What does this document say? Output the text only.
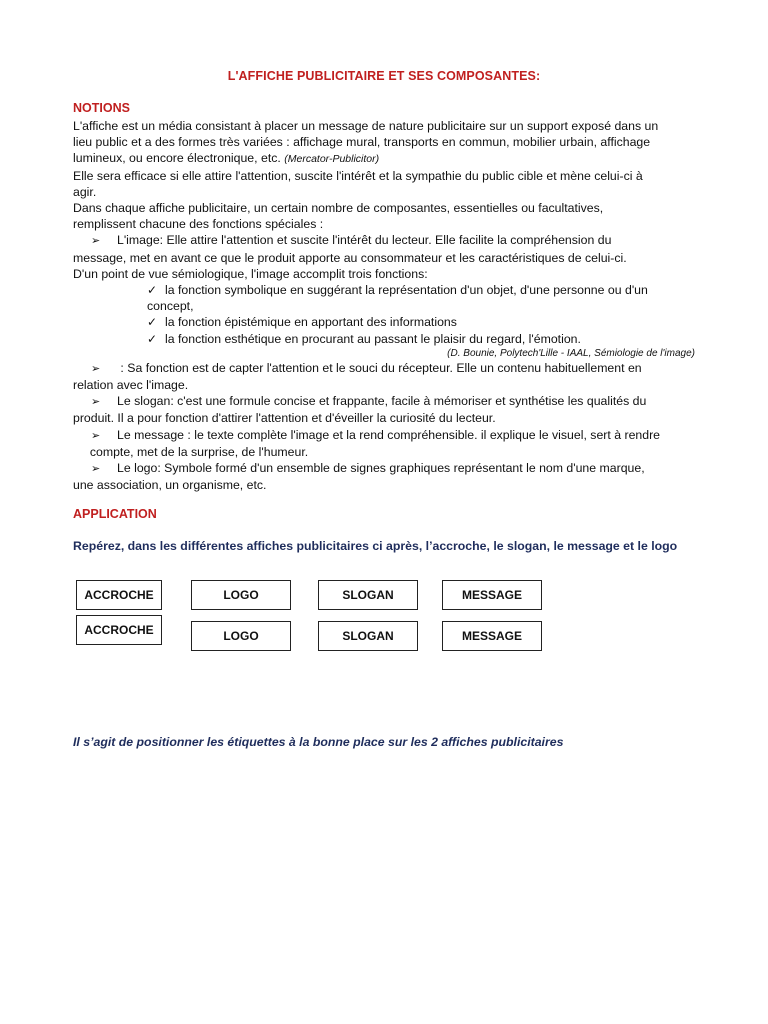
L'AFFICHE PUBLICITAIRE ET SES COMPOSANTES:
NOTIONS

L'affiche est un média consistant à placer un message de nature publicitaire sur un support exposé dans un

lieu public et a des formes très variées : affichage mural, transports en commun, mobilier urbain, affichage

lumineux, ou encore électronique, etc. (Mercator-Publicitor)

Elle sera efficace si elle attire l'attention, suscite l'intérêt et la sympathie du public cible et mène celui-ci à

agir.

Dans chaque affiche publicitaire, un certain nombre de composantes, essentielles ou facultatives,

remplissent chacune des fonctions spéciales :

➢ L'image: Elle attire l'attention et suscite l'intérêt du lecteur. Elle facilite la compréhension du

message, met en avant ce que le produit apporte au consommateur et les caractéristiques de celui-ci.

D'un point de vue sémiologique, l'image accomplit trois fonctions:

✓ la fonction symbolique en suggérant la représentation d'un objet, d'une personne ou d'un
concept,
✓ la fonction épistémique en apportant des informations
✓ la fonction esthétique en procurant au passant le plaisir du regard, l'émotion.
(D. Bounie, Polytech'Lille - IAAL, Sémiologie de l'image)

➢ : Sa fonction est de capter l'attention et le souci du récepteur. Elle un contenu habituellement en

relation avec l'image.

➢ Le slogan: c'est une formule concise et frappante, facile à mémoriser et synthétise les qualités du

produit. Il a pour fonction d'attirer l'attention et d'éveiller la curiosité du lecteur.

➢ Le message : le texte complète l'image et la rend compréhensible. il explique le visuel, sert à rendre

compte, met de la surprise, de l'humeur.

➢ Le logo: Symbole formé d'un ensemble de signes graphiques représentant le nom d'une marque,

une association, un organisme, etc.

APPLICATION
Repérez, dans les différentes affiches publicitaires ci après, l’accroche, le slogan, le message et le logo
ACCROCHE	LOGO	SLOGAN	MESSAGE
ACCROCHE	LOGO	SLOGAN	MESSAGE
Il s’agit de positionner les étiquettes à la bonne place sur les 2 affiches publicitaires
